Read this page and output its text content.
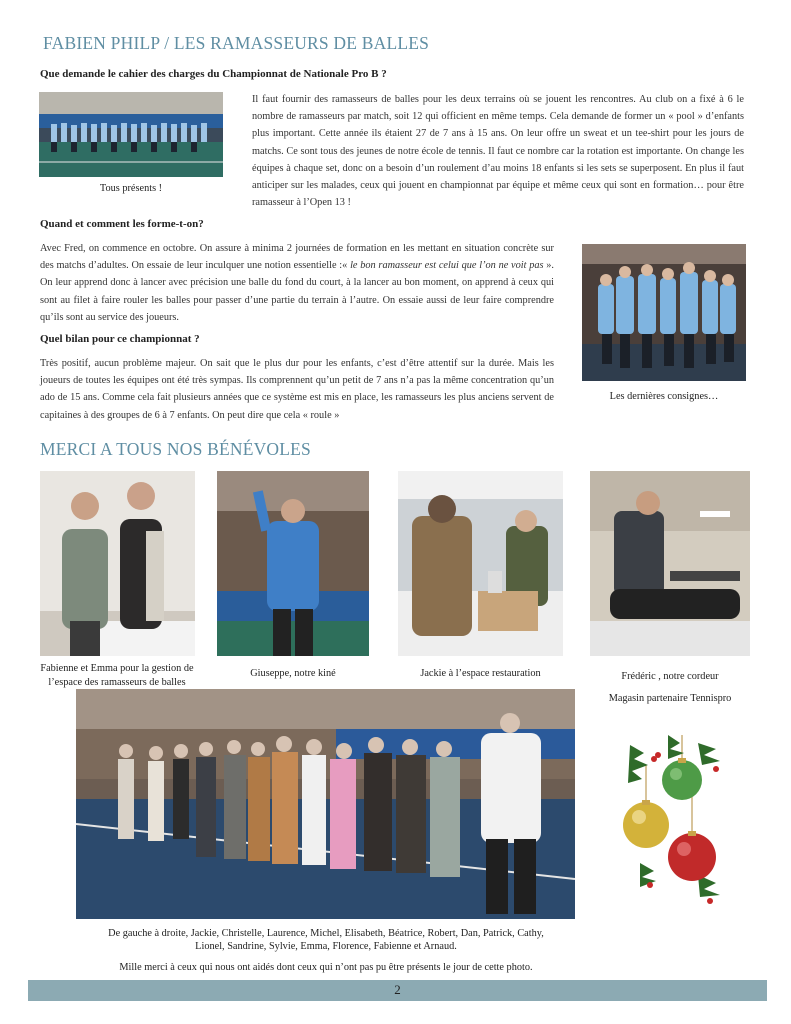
FABIEN PHILP / LES RAMASSEURS DE BALLES
Que demande le cahier des charges du Championnat de Nationale Pro B ?
Tous présents !
Il faut fournir des ramasseurs de balles pour les deux terrains où se jouent les rencontres. Au club on a fixé à 6 le nombre de ramasseurs par match, soit 12 qui officient en même temps. Cela demande de former un « pool » d’enfants plus important. Cette année ils étaient 27 de 7 ans à 15 ans. On leur offre un sweat et un tee-shirt pour les jours de matchs. Ce sont tous des jeunes de notre école de tennis. Il faut ce nombre car la rotation est importante. On change les équipes à chaque set, donc on a besoin d’un roulement d’au moins 18 enfants si les sets se superposent. En plus il faut anticiper sur les malades, ceux qui jouent en championnat par équipe et même ceux qui sont en formation… pour être ramasseur à l’Open 13 !
Quand et comment les forme-t-on?
Avec Fred, on commence en octobre. On assure à minima 2 journées de formation en les mettant en situation concrète sur des matchs d’adultes. On essaie de leur inculquer une notion essentielle :« le bon ramasseur est celui que l’on ne voit pas ». On leur apprend donc à lancer avec précision une balle du fond du court, à la lancer au bon moment, on apprend à ceux qui sont au filet à faire rouler les balles pour passer d’une partie du terrain à l’autre. On essaie aussi de leur faire comprendre qu’ils sont au service des joueurs.
Quel bilan pour ce championnat ?
Très positif, aucun problème majeur. On sait que le plus dur pour les enfants, c’est d’être attentif sur la durée. Mais les joueurs de toutes les équipes ont été très sympas. Ils comprennent qu’un petit de 7 ans n’a pas la même concentration qu’un ado de 15 ans. Comme cela fait plusieurs années que ce système est mis en place, les ramasseurs les plus anciens servent de capitaines à des groupes de 6 à 7 enfants. On peut dire que cela « roule »
Les dernières consignes…
MERCI A TOUS NOS BÉNÉVOLES
Fabienne et Emma pour la gestion de l’espace des ramasseurs de balles
Giuseppe, notre kiné	Jackie à l’espace restauration	Frédéric , notre cordeur
Magasin partenaire Tennispro
De gauche à droite, Jackie, Christelle, Laurence, Michel, Elisabeth, Béatrice, Robert, Dan, Patrick, Cathy,
Lionel, Sandrine, Sylvie, Emma, Florence, Fabienne et Arnaud.
Mille merci à ceux qui nous ont aidés dont ceux qui n’ont pas pu être présents le jour de cette photo.
2
